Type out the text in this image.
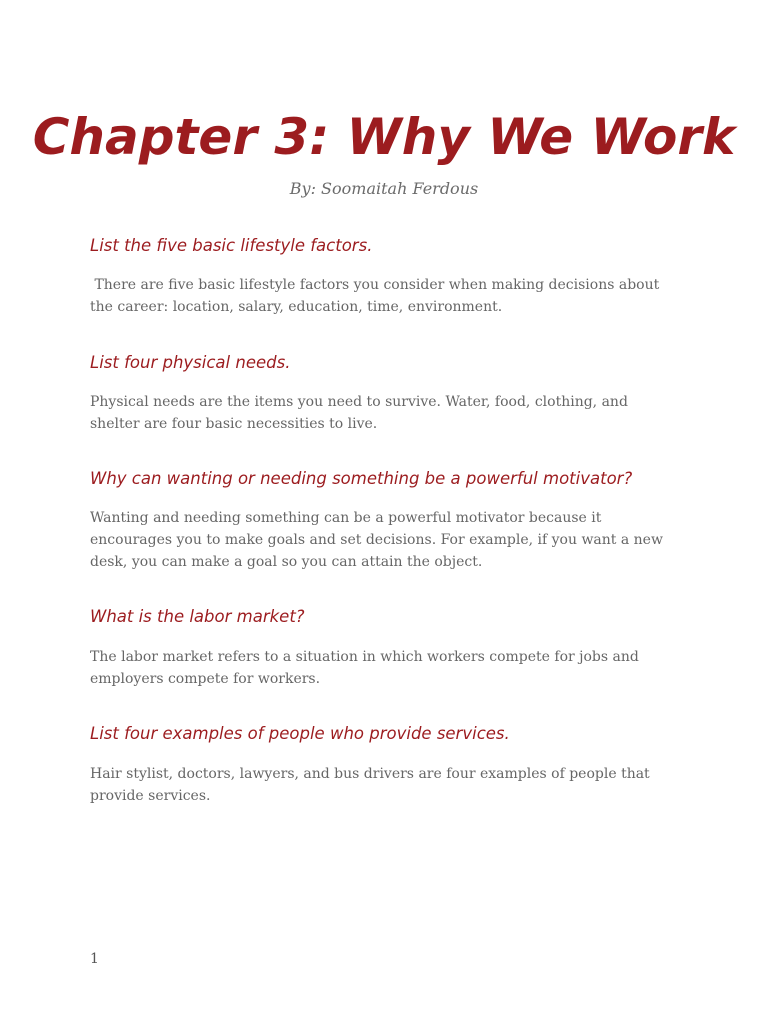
Chapter 3: Why We Work

By: Soomaitah Ferdous

List the five basic lifestyle factors.

There are five basic lifestyle factors you consider when making decisions about the career: location, salary, education, time, environment.

List four physical needs.

Physical needs are the items you need to survive. Water, food, clothing, and shelter are four basic necessities to live.

Why can wanting or needing something be a powerful motivator?

Wanting and needing something can be a powerful motivator because it encourages you to make goals and set decisions. For example, if you want a new desk, you can make a goal so you can attain the object.

What is the labor market?

The labor market refers to a situation in which workers compete for jobs and employers compete for workers.

List four examples of people who provide services.

Hair stylist, doctors, lawyers, and bus drivers are four examples of people that provide services.

1
